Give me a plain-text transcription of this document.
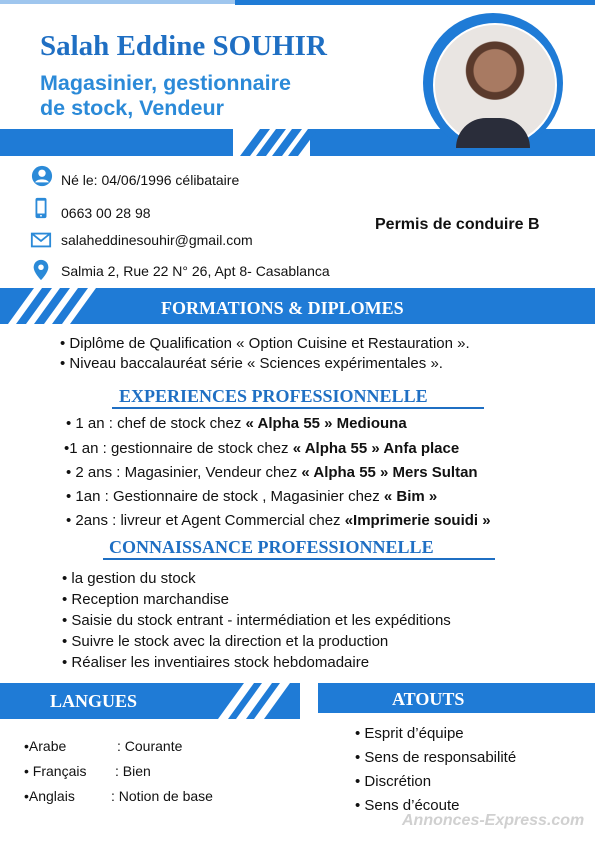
Salah Eddine SOUHIR
Magasinier, gestionnaire
de stock, Vendeur
Né le: 04/06/1996 célibataire
0663 00 28 98
salaheddinesouhir@gmail.com
Salmia 2, Rue 22 N° 26, Apt 8- Casablanca
Permis de conduire B
FORMATIONS & DIPLOMES
• Diplôme de Qualification « Option Cuisine et Restauration ».
• Niveau baccalauréat série « Sciences expérimentales ».
EXPERIENCES PROFESSIONNELLE
• 1 an : chef de stock chez « Alpha 55 » Mediouna
•1 an : gestionnaire de stock chez « Alpha 55 » Anfa place
• 2 ans : Magasinier, Vendeur chez « Alpha 55 » Mers Sultan
• 1an : Gestionnaire de stock , Magasinier chez « Bim »
• 2ans : livreur et Agent Commercial chez «Imprimerie souidi »
CONNAISSANCE PROFESSIONNELLE
• la gestion du stock
• Reception marchandise
• Saisie du stock entrant - intermédiation et les expéditions
• Suivre le stock avec la direction et la production
• Réaliser les inventiaires stock hebdomadaire
LANGUES	ATOUTS
•Arabe	: Courante
• Français : Bien
•Anglais	: Notion de base
• Esprit d’équipe
• Sens de responsabilité
• Discrétion
• Sens d’écoute
Annonces-Express.com
